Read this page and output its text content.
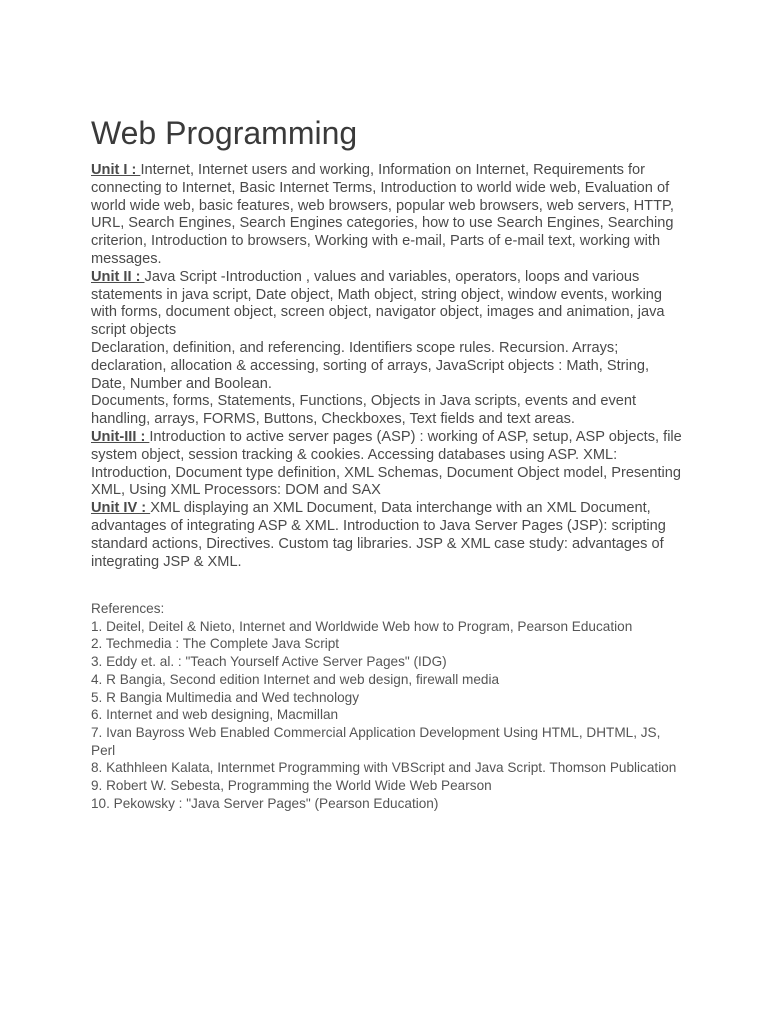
Web Programming

Unit I : Internet, Internet users and working, Information on Internet, Requirements for connecting to Internet, Basic Internet Terms, Introduction to world wide web, Evaluation of world wide web, basic features, web browsers, popular web browsers, web servers, HTTP, URL, Search Engines, Search Engines categories, how to use Search Engines, Searching criterion, Introduction to browsers, Working with e-mail, Parts of e-mail text, working with messages.

Unit II : Java Script -Introduction , values and variables, operators, loops and various statements in java script, Date object, Math object, string object, window events, working with forms, document object, screen object, navigator object, images and animation, java script objects

Declaration, definition, and referencing. Identifiers scope rules. Recursion. Arrays; declaration, allocation & accessing, sorting of arrays, JavaScript objects : Math, String, Date, Number and Boolean.

Documents, forms, Statements, Functions, Objects in Java scripts, events and event handling, arrays, FORMS, Buttons, Checkboxes, Text fields and text areas.

Unit-III : Introduction to active server pages (ASP) : working of ASP, setup, ASP objects, file system object, session tracking & cookies. Accessing databases using ASP. XML: Introduction, Document type definition, XML Schemas, Document Object model, Presenting XML, Using XML Processors: DOM and SAX

Unit IV : XML displaying an XML Document, Data interchange with an XML Document, advantages of integrating ASP & XML. Introduction to Java Server Pages (JSP): scripting standard actions, Directives. Custom tag libraries. JSP & XML case study: advantages of integrating JSP & XML.

References:

1. Deitel, Deitel & Nieto, Internet and Worldwide Web how to Program, Pearson Education
2. Techmedia : The Complete Java Script
3. Eddy et. al. : "Teach Yourself Active Server Pages" (IDG)
4. R Bangia, Second edition Internet and web design, firewall media
5. R Bangia Multimedia and Wed technology
6. Internet and web designing, Macmillan
7. Ivan Bayross Web Enabled Commercial Application Development Using HTML, DHTML, JS, Perl
8. Kathhleen Kalata, Internmet Programming with VBScript and Java Script. Thomson Publication
9. Robert W. Sebesta, Programming the World Wide Web Pearson
10. Pekowsky : "Java Server Pages" (Pearson Education)
